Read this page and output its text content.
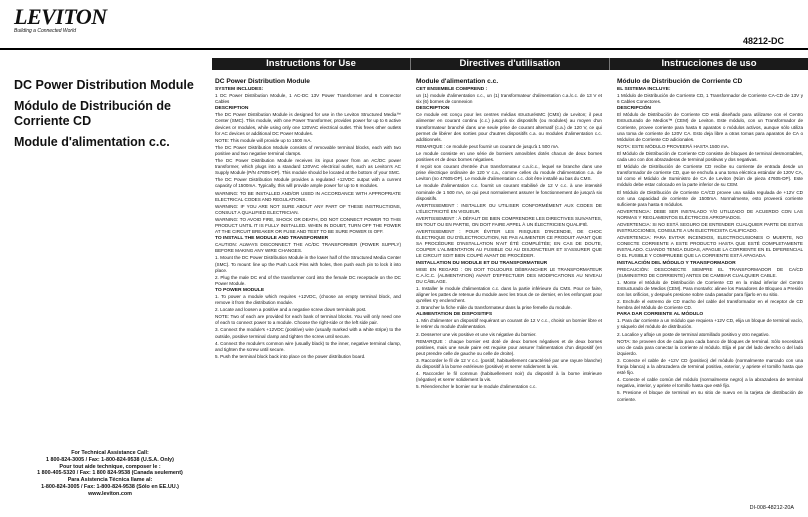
LEVITON
Building a Connected World
48212-DC
Instructions for Use	Directives d'utilisation	Instrucciones de uso
DC Power Distribution Module
Módulo de Distribución de Corriente CD
Module d'alimentation c.c.
DC Power Distribution Module
SYSTEM INCLUDES:
1 DC Power Distribution Module, 1 AC-DC 13V Power Transformer and 6 Connector Cables
DESCRIPTION
The DC Power Distribution Module is designed for use in the Leviton Structured Media™ Center (SMC). This module, with one Power Transformer, provides power for up to 6 active devices or modules, while using only one 120VAC electrical outlet. This frees other outlets for AC devices or additional DC Power Modules.
NOTE: This module will provide up to 1500 mA.
The DC Power Distribution Module consists of removable terminal blocks, each with two positive and two negative terminal clamps.
The DC Power Distribution Module receives its input power from an AC/DC power transformer, which plugs into a standard 120VAC electrical outlet, such as Leviton's AC Supply Module (P/N 47605-DP). This module should be located at the bottom of your SMC.
The DC Power Distribution Module provides a regulated +12VDC output with a current capacity of 1500mA. Typically, this will provide ample power for up to 6 modules.
WARNING: TO BE INSTALLED AND/OR USED IN ACCORDANCE WITH APPROPRIATE ELECTRICAL CODES AND REGULATIONS.
WARNING: IF YOU ARE NOT SURE ABOUT ANY PART OF THESE INSTRUCTIONS, CONSULT A QUALIFIED ELECTRICIAN.
WARNING: TO AVOID FIRE, SHOCK OR DEATH, DO NOT CONNECT POWER TO THIS PRODUCT UNTIL IT IS FULLY INSTALLED. WHEN IN DOUBT, TURN OFF THE POWER AT THE CIRCUIT BREAKER OR FUSE AND TEST TO BE SURE POWER IS OFF.
TO INSTALL THE MODULE AND TRANSFORMER
CAUTION: ALWAYS DISCONNECT THE AC/DC TRANSFORMER (POWER SUPPLY) BEFORE MAKING ANY WIRE CHANGES.
1. Mount the DC Power Distribution Module in the lower half of the Structured Media Center (SMC). To mount: line up the Push Lock Pins with holes, then push each pin to lock it into place.
2. Plug the male DC end of the transformer cord into the female DC receptacle on the DC Power Module.
TO POWER MODULE
1. To power a module which requires +12VDC, (choose an empty terminal block, and remove it from the distribution module.
2. Locate and loosen a positive and a negative screw down terminals post.
NOTE: Two of each are provided for each bank of terminal blocks. You will only need one of each to connect power to a module. Choose the right-side or the left side pair.
3. Connect the module's +12VDC (positive) wire (usually marked with a white stripe) to the outside, positive terminal clamp and tighten the screw until secure.
4. Connect the module's common wire (usually black) to the inner, negative terminal clamp, and tighten the screw until secure.
5. Push the terminal block back into place on the power distribution board.
Module d'alimentation c.c.
CET ENSEMBLE COMPREND :
un (1) module d'alimentation c.c., un (1) transformateur d'alimentation c.a./c.c. de 13 V et six (6) bornes de connexion
DESCRIPTION
Ce module est conçu pour les centres médias structurésMC (CMS) de Leviton; il peut alimenter en courant continu (c.c.) jusqu'à six dispositifs (ou modules) au moyen d'un transformateur branché dans une seule prise de courant alternatif (c.a.) de 120 V, ce qui permet de libérer des sorties pour d'autres dispositifs c.a. ou modules d'alimentation c.c. additionnels.
REMARQUE : ce module peut fournir un courant de jusqu'à 1 500 mA.
Le module consiste en une série de borniers amovibles dotés chacun de deux bornes positives et de deux bornes négatives.
Il reçoit son courant d'entrée d'un transformateur c.a./c.c., lequel se branche dans une prise électrique ordinaire de 120 V c.a., comme celles du module d'alimentation c.a. de Leviton (no 47605-DP). Le module d'alimentation c.c. doit être installé au bas du CMS.
Le module d'alimentation c.c. fournit un courant stabilisé de 12 V c.c. à une intensité nominale de 1 500 mA, ce qui peut normalement assurer le fonctionnement de jusqu'à six dispositifs.
AVERTISSEMENT : INSTALLER OU UTILISER CONFORMÉMENT AUX CODES DE L'ÉLECTRICITÉ EN VIGUEUR.
AVERTISSEMENT : À DÉFAUT DE BIEN COMPRENDRE LES DIRECTIVES SUIVANTES, EN TOUT OU EN PARTIE, ON DOIT FAIRE APPEL À UN ÉLECTRICIEN QUALIFIÉ.
AVERTISSEMENT : POUR ÉVITER LES RISQUES D'INCENDIE, DE CHOC ÉLECTRIQUE OU D'ÉLECTROCUTION, NE PAS ALIMENTER CE PRODUIT AVANT QUE SA PROCÉDURE D'INSTALLATION N'AIT ÉTÉ COMPLÉTÉE; EN CAS DE DOUTE, COUPER L'ALIMENTATION AU FUSIBLE OU AU DISJONCTEUR ET S'ASSURER QUE LE CIRCUIT SOIT BIEN COUPÉ AVANT DE PROCÉDER.
INSTALLATION DU MODULE ET DU TRANSFORMATEUR
MISE EN REGARD : ON DOIT TOUJOURS DÉBRANCHER LE TRANSFORMATEUR C.A./C.C. (ALIMENTATION) AVANT D'EFFECTUER DES MODIFICATIONS AU NIVEAU DU CÂBLAGE.
1. Installer le module d'alimentation c.c. dans la partie inférieure du CMS. Pour ce faire, aligner les pattes de retenue du module avec les trous de ce dernier, en les enfonçant pour qu'elles s'y enclenchent.
2. Brancher la fiche mâle du transformateur dans la prise femelle du module.
ALIMENTATION DE DISPOSITIFS
1. Min d'alimenter un dispositif requérant un courant de 12 V c.c., choisir un bornier libre et le retirer du module d'alimentation.
2. Desserrer une vis positive et une vis négative du bornier.
REMARQUE : chaque bornier est doté de deux bornes négatives et de deux bornes positives, mais une seule paire est requise pour assurer l'alimentation d'un dispositif (en peut prendre celle de gauche ou celle de droite).
3. Raccorder le fil de 12 V c.c. (positif, habituellement caractérisé par une rayure blanche) du dispositif à la borne extérieure (positive) et serrer solidement la vis.
4. Raccorder le fil commun (habituellement noir) du dispositif à la borne intérieure (négative) et serrer solidement la vis.
5. Réenclencher le bornier sur le module d'alimentation c.c.
Módulo de Distribución de Corriente CD
EL SISTEMA INCLUYE:
1 Módulo de Distribución de Corriente CD, 1 Transformador de Corriente CA-CD de 13V y 6 Cables Conectores.
DESCRIPCIÓN
El Módulo de Distribución de Corriente CD está diseñado para utilizarse con el Centro Estructurado de Medios™ (CEM) de Leviton. Este módulo, con un Transformador de Corriente, provee corriente para hasta 6 aparatos o módulos activos, aunque sólo utiliza una toma de corriente de 120V CA. Esto deja libre a otras tomas para aparatos de CA o Módulos de Corriente CD adicionales.
NOTA: ESTE MÓDULO PROVEERÁ HASTA 1500 mA.
El Módulo de Distribución de Corriente CD consiste de bloques de terminal desmontables, cada uno con dos abrazaderas de terminal positivas y dos negativas.
El Módulo de Distribución de Corriente CD recibe su corriente de entrada desde un transformador de corriente CD, que se enchufa a una toma eléctrica estándar de 120V CA, tal como el Módulo de Suministro de CA de Leviton (Núm de pieza 47605-DP). Este módulo debe estar colocado en la parte inferior de su CEM.
El Módulo de Distribución de Corriente CA/CD provee una salida regulada de +12V CD con una capacidad de corriente de 1500mA. Normalmente, esto proveerá corriente suficiente para hasta 6 módulos.
ADVERTENCIA: DEBE SER INSTALADO Y/O UTILIZADO DE ACUERDO CON LAS NORMAS Y REGLAMENTOS ELÉCTRICOS APROPIADOS.
ADVERTENCIA: SI NO ESTÁ SEGURO DE ENTENDER CUALQUIER PARTE DE ESTAS INSTRUCCIONES, CONSULTE A UN ELECTRICISTA CALIFICADO.
ADVERTENCIA: PARA EVITAR INCENDIOS, ELECTROCUSIONES O MUERTE, NO CONECTE CORRIENTE A ESTE PRODUCTO HASTA QUE ESTÉ COMPLETAMENTE INSTALADO. CUANDO TENGA DUDAS, APAGUE LA CORRIENTE EN EL DIFERENCIAL O EL FUSIBLE Y COMPRUEBE QUE LA CORRIENTE ESTÁ APAGADA.
INSTALACIÓN DEL MÓDULO Y TRANSFORMADOR
PRECAUCIÓN: DESCONECTE SIEMPRE EL TRANSFORMADOR DE CA/CD (SUMINISTRO DE CORRIENTE) ANTES DE CAMBIAR CUALQUIER CABLE.
1. Monte el Módulo de Distribución de Corriente CD en la mitad inferior del Centro Estructurado de Medios (CEM). Para montarlo: alinee los Pasadores de Bloqueo a Presión con los orificios, y después presione sobre cada pasador para fijarlo en su sitio.
2. Enchufe el extremo de CD macho del cable del transformador en el receptor de CD hembra del Módulo de Corriente CD.
PARA DAR CORRIENTE AL MÓDULO
1. Para dar corriente a un módulo que requiera +12V CD, elija un bloque de terminal vacío, y sáquelo del módulo de distribución.
2. Localice y afloje un poste de terminal atornillado positivo y otro negativo.
NOTA: Se proveen dos de cada para cada banco de bloques de terminal. Sólo necesitará uno de cada para conectar la corriente al módulo. Elija el par del lado derecho o del lado izquierdo.
3. Conecte el cable de +12V CD (positivo) del módulo (normalmente marcado con una franja blanca) a la abrazadera de terminal positiva, exterior, y apriete el tornillo hasta que esté fijo.
4. Conecte el cable común del módulo (normalmente negro) a la abrazadera de terminal negativa, interior, y apriete el tornillo hasta que esté fijo.
5. Presione el bloque de terminal en su sitio de nuevo en la tarjeta de distribución de corriente.
For Technical Assistance Call:
1 800-824-3005 / Fax: 1-800-824-9538 (U.S.A. Only)
Pour tout aide technique, composer le :
1 800-405-5320 / Fax: 1 800 824-9538 (Canada seulement)
Para Asistencia Técnica llame al:
1-800-824-3005 / Fax: 1-800-824-9538 (Sólo en EE.UU.)
www.leviton.com
DI-008-48212-20A
